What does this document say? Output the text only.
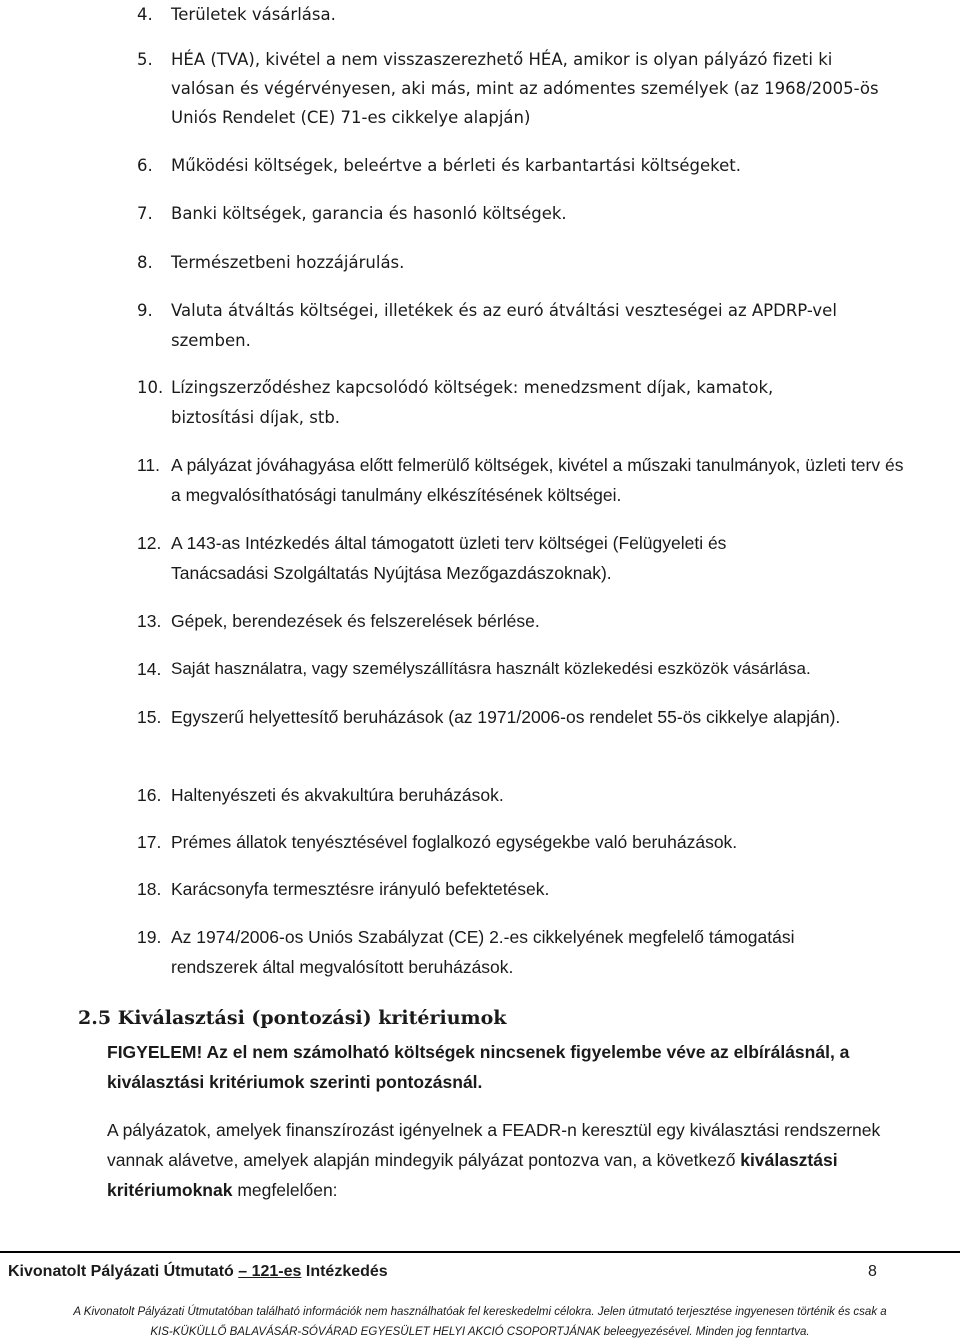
4. Területek vásárlása.
5. HÉA (TVA), kivétel a nem visszaszerezhető HÉA, amikor is olyan pályázó fizeti ki valósan és végérvényesen, aki más, mint az adómentes személyek (az 1968/2005-ös Uniós Rendelet (CE) 71-es cikkelye alapján)
6. Működési költségek, beleértve a bérleti és karbantartási költségeket.
7. Banki költségek, garancia és hasonló költségek.
8. Természetbeni hozzájárulás.
9. Valuta átváltás költségei, illetékek és az euró átváltási veszteségei az APDRP-vel szemben.
10. Lízingszerződéshez kapcsolódó költségek: menedzsment díjak, kamatok, biztosítási díjak, stb.
11. A pályázat jóváhagyása előtt felmerülő költségek, kivétel a műszaki tanulmányok, üzleti terv és a megvalósíthatósági tanulmány elkészítésének költségei.
12. A 143-as Intézkedés által támogatott üzleti terv költségei (Felügyeleti és Tanácsadási Szolgáltatás Nyújtása Mezőgazdászoknak).
13. Gépek, berendezések és felszerelések bérlése.
14. Saját használatra, vagy személyszállításra használt közlekedési eszközök vásárlása.
15. Egyszerű helyettesítő beruházások (az 1971/2006-os rendelet 55-ös cikkelye alapján).
16. Haltenyészeti és akvakultúra beruházások.
17. Prémes állatok tenyésztésével foglalkozó egységekbe való beruházások.
18. Karácsonyfa termesztésre irányuló befektetések.
19. Az 1974/2006-os Uniós Szabályzat (CE) 2.-es cikkelyének megfelelő támogatási rendszerek által megvalósított beruházások.
2.5 Kiválasztási (pontozási) kritériumok
FIGYELEM! Az el nem számolható költségek nincsenek figyelembe véve az elbírálásnál, a kiválasztási kritériumok szerinti pontozásnál.
A pályázatok, amelyek finanszírozást igényelnek a FEADR-n keresztül egy kiválasztási rendszernek vannak alávetve, amelyek alapján mindegyik pályázat pontozva van, a következő kiválasztási kritériumoknak megfelelően:
Kivonatolt Pályázati Útmutató – 121-es Intézkedés	8
A Kivonatolt Pályázati Útmutatóban található információk nem használhatóak fel kereskedelmi célokra. Jelen útmutató terjesztése ingyenesen történik és csak a
KIS-KÜKÜLLŐ BALAVÁSÁR-SÓVÁRAD EGYESÜLET HELYI AKCIÓ CSOPORTJÁNAK beleegyezésével. Minden jog fenntartva.
